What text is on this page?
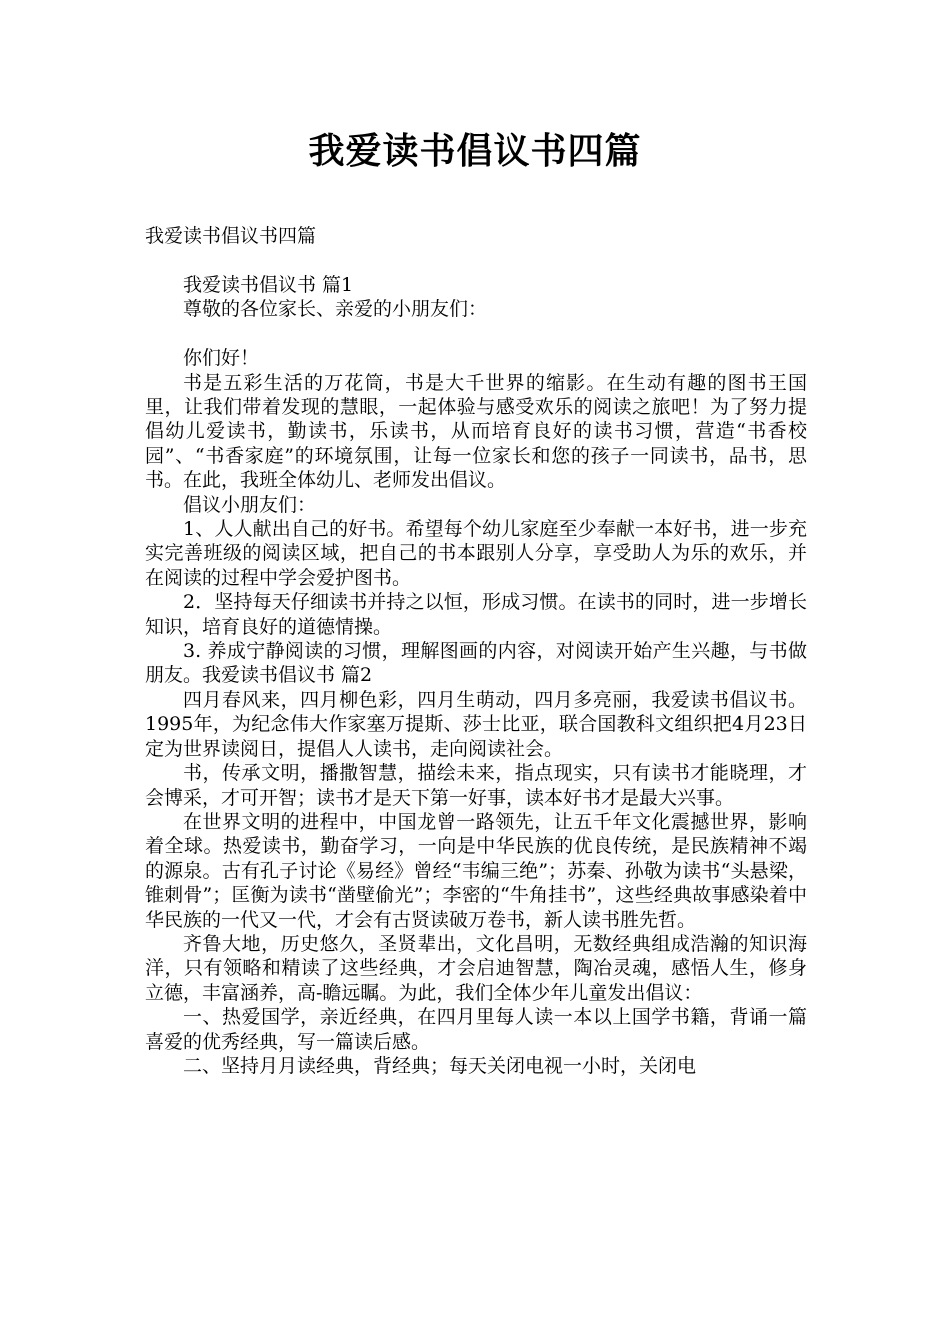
我爱读书倡议书四篇
我爱读书倡议书四篇

我爱读书倡议书 篇1

尊敬的各位家长、亲爱的小朋友们：

你们好！

书是五彩生活的万花筒，书是大千世界的缩影。在生动有趣的图书王国里，让我们带着发现的慧眼，一起体验与感受欢乐的阅读之旅吧！为了努力提倡幼儿爱读书，勤读书，乐读书，从而培育良好的读书习惯，营造“书香校园”、“书香家庭”的环境氛围，让每一位家长和您的孩子一同读书，品书，思书。在此，我班全体幼儿、老师发出倡议。

倡议小朋友们：

1、人人献出自己的好书。希望每个幼儿家庭至少奉献一本好书，进一步充实完善班级的阅读区域，把自己的书本跟别人分享，享受助人为乐的欢乐，并在阅读的过程中学会爱护图书。

2．坚持每天仔细读书并持之以恒，形成习惯。在读书的同时，进一步增长知识，培育良好的道德情操。

3. 养成宁静阅读的习惯，理解图画的内容，对阅读开始产生兴趣，与书做朋友。我爱读书倡议书 篇2

四月春风来，四月柳色彩，四月生萌动，四月多亮丽，我爱读书倡议书。1995年，为纪念伟大作家塞万提斯、莎士比亚，联合国教科文组织把4月23日定为世界读阅日，提倡人人读书，走向阅读社会。

书，传承文明，播撒智慧，描绘未来，指点现实，只有读书才能晓理，才会博采，才可开智；读书才是天下第一好事，读本好书才是最大兴事。

在世界文明的进程中，中国龙曾一路领先，让五千年文化震撼世界，影响着全球。热爱读书，勤奋学习，一向是中华民族的优良传统，是民族精神不竭的源泉。古有孔子讨论《易经》曾经“韦编三绝”；苏秦、孙敬为读书“头悬梁，锥刺骨”；匡衡为读书“凿壁偷光”；李密的“牛角挂书”，这些经典故事感染着中华民族的一代又一代，才会有古贤读破万卷书，新人读书胜先哲。

齐鲁大地，历史悠久，圣贤辈出，文化昌明，无数经典组成浩瀚的知识海洋，只有领略和精读了这些经典，才会启迪智慧，陶冶灵魂，感悟人生，修身立德，丰富涵养，高-瞻远瞩。为此，我们全体少年儿童发出倡议：

一、热爱国学，亲近经典，在四月里每人读一本以上国学书籍，背诵一篇喜爱的优秀经典，写一篇读后感。

二、坚持月月读经典，背经典；每天关闭电视一小时，关闭电
